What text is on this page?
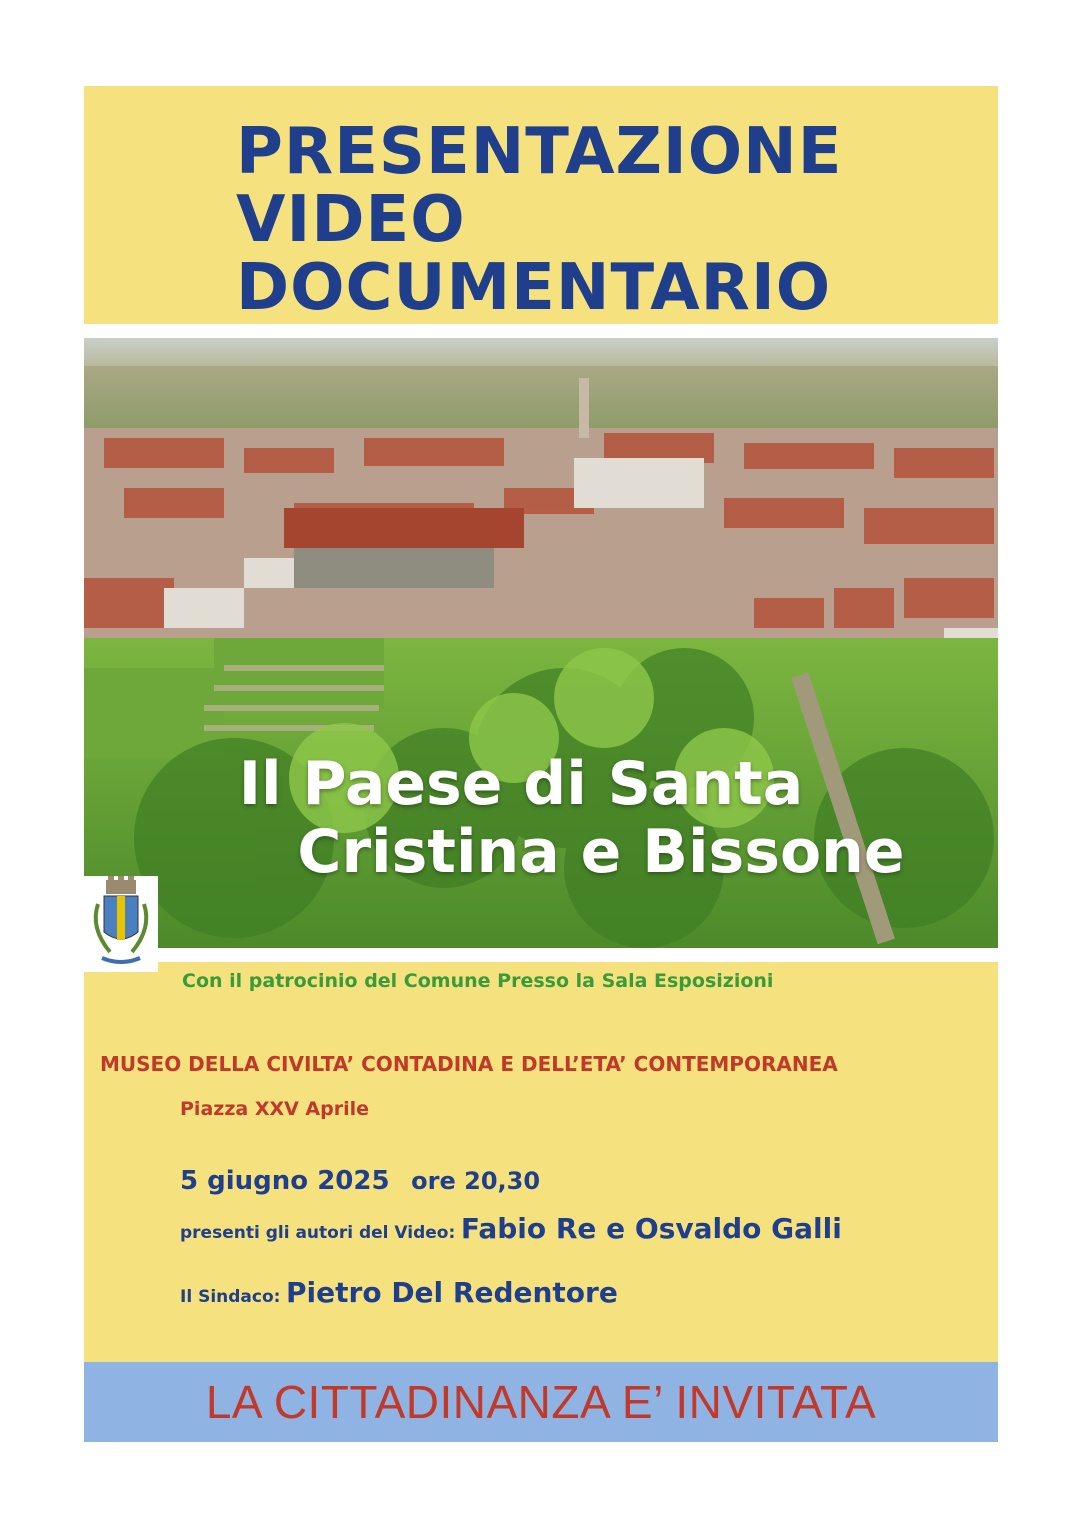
PRESENTAZIONE
VIDEO
DOCUMENTARIO
Il Paese di Santa
Cristina e Bissone
Con il patrocinio del Comune Presso la Sala Esposizioni
MUSEO DELLA CIVILTA’ CONTADINA E DELL’ETA’ CONTEMPORANEA
Piazza XXV Aprile
5 giugno 2025 ore 20,30
presenti gli autori del Video: Fabio Re e Osvaldo Galli
Il Sindaco: Pietro Del Redentore
LA CITTADINANZA E’ INVITATA
